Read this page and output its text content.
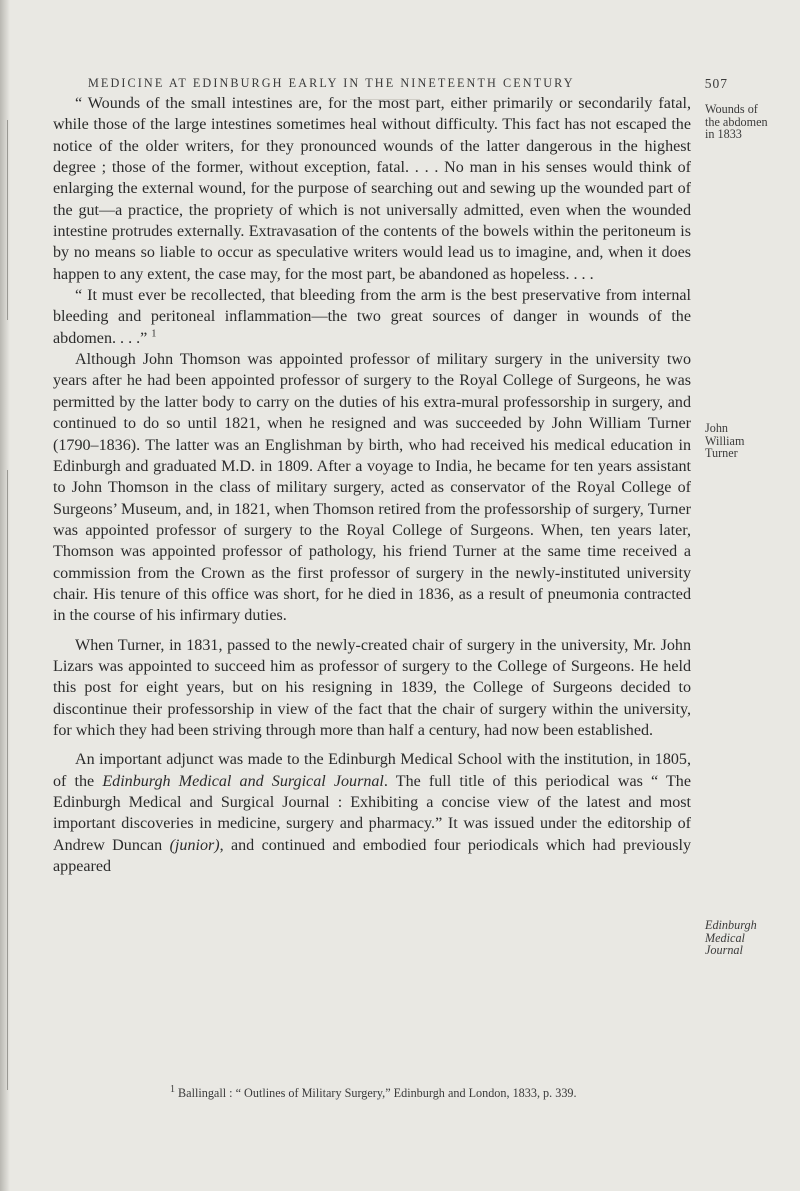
MEDICINE AT EDINBURGH EARLY IN THE NINETEENTH CENTURY	507

“ Wounds of the small intestines are, for the most part, either primarily or secondarily fatal, while those of the large intestines sometimes heal without difficulty. This fact has not escaped the notice of the older writers, for they pronounced wounds of the latter dangerous in the highest degree ; those of the former, without exception, fatal. . . . No man in his senses would think of enlarging the external wound, for the purpose of searching out and sewing up the wounded part of the gut—a practice, the propriety of which is not universally admitted, even when the wounded intestine protrudes externally. Extravasation of the contents of the bowels within the peritoneum is by no means so liable to occur as speculative writers would lead us to imagine, and, when it does happen to any extent, the case may, for the most part, be abandoned as hopeless. . . .

“ It must ever be recollected, that bleeding from the arm is the best preservative from internal bleeding and peritoneal inflammation—the two great sources of danger in wounds of the abdomen. . . .” $^1$

Although John Thomson was appointed professor of military surgery in the university two years after he had been appointed professor of surgery to the Royal College of Surgeons, he was permitted by the latter body to carry on the duties of his extra-mural professorship in surgery, and continued to do so until 1821, when he resigned and was succeeded by John William Turner (1790–1836). The latter was an Englishman by birth, who had received his medical education in Edinburgh and graduated M.D. in 1809. After a voyage to India, he became for ten years assistant to John Thomson in the class of military surgery, acted as conservator of the Royal College of Surgeons’ Museum, and, in 1821, when Thomson retired from the professorship of surgery, Turner was appointed professor of surgery to the Royal College of Surgeons. When, ten years later, Thomson was appointed professor of pathology, his friend Turner at the same time received a commission from the Crown as the first professor of surgery in the newly-instituted university chair. His tenure of this office was short, for he died in 1836, as a result of pneumonia contracted in the course of his infirmary duties.

When Turner, in 1831, passed to the newly-created chair of surgery in the university, Mr. John Lizars was appointed to succeed him as professor of surgery to the College of Surgeons. He held this post for eight years, but on his resigning in 1839, the College of Surgeons decided to discontinue their professorship in view of the fact that the chair of surgery within the university, for which they had been striving through more than half a century, had now been established.

An important adjunct was made to the Edinburgh Medical School with the institution, in 1805, of the Edinburgh Medical and Surgical Journal. The full title of this periodical was “ The Edinburgh Medical and Surgical Journal : Exhibiting a concise view of the latest and most important discoveries in medicine, surgery and pharmacy.” It was issued under the editorship of Andrew Duncan (junior), and continued and embodied four periodicals which had previously appeared

Wounds of
the abdomen
in 1833
John
William
Turner
Edinburgh
Medical
Journal
$^1$ Ballingall : “ Outlines of Military Surgery,” Edinburgh and London, 1833, p. 339.
